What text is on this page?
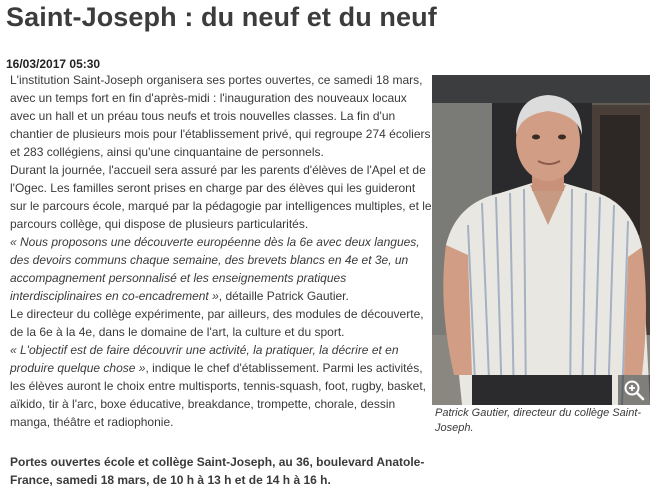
Saint-Joseph : du neuf et du neuf
16/03/2017 05:30

L'institution Saint-Joseph organisera ses portes ouvertes, ce samedi 18 mars, avec un temps fort en fin d'après-midi : l'inauguration des nouveaux locaux avec un hall et un préau tous neufs et trois nouvelles classes. La fin d'un chantier de plusieurs mois pour l'établissement privé, qui regroupe 274 écoliers et 283 collégiens, ainsi qu'une cinquantaine de personnels.

Durant la journée, l'accueil sera assuré par les parents d'élèves de l'Apel et de l'Ogec. Les familles seront prises en charge par des élèves qui les guideront sur le parcours école, marqué par la pédagogie par intelligences multiples, et le parcours collège, qui dispose de plusieurs particularités.

« Nous proposons une découverte européenne dès la 6e avec deux langues, des devoirs communs chaque semaine, des brevets blancs en 4e et 3e, un accompagnement personnalisé et les enseignements pratiques interdisciplinaires en co-encadrement », détaille Patrick Gautier.

Le directeur du collège expérimente, par ailleurs, des modules de découverte, de la 6e à la 4e, dans le domaine de l'art, la culture et du sport.

« L'objectif est de faire découvrir une activité, la pratiquer, la décrire et en produire quelque chose », indique le chef d'établissement. Parmi les activités, les élèves auront le choix entre multisports, tennis-squash, foot, rugby, basket, aïkido, tir à l'arc, boxe éducative, breakdance, trompette, chorale, dessin manga, théâtre et radiophonie.

Portes ouvertes école et collège Saint-Joseph, au 36, boulevard Anatole-France, samedi 18 mars, de 10 h à 13 h et de 14 h à 16 h.
Patrick Gautier, directeur du collège Saint-Joseph.
